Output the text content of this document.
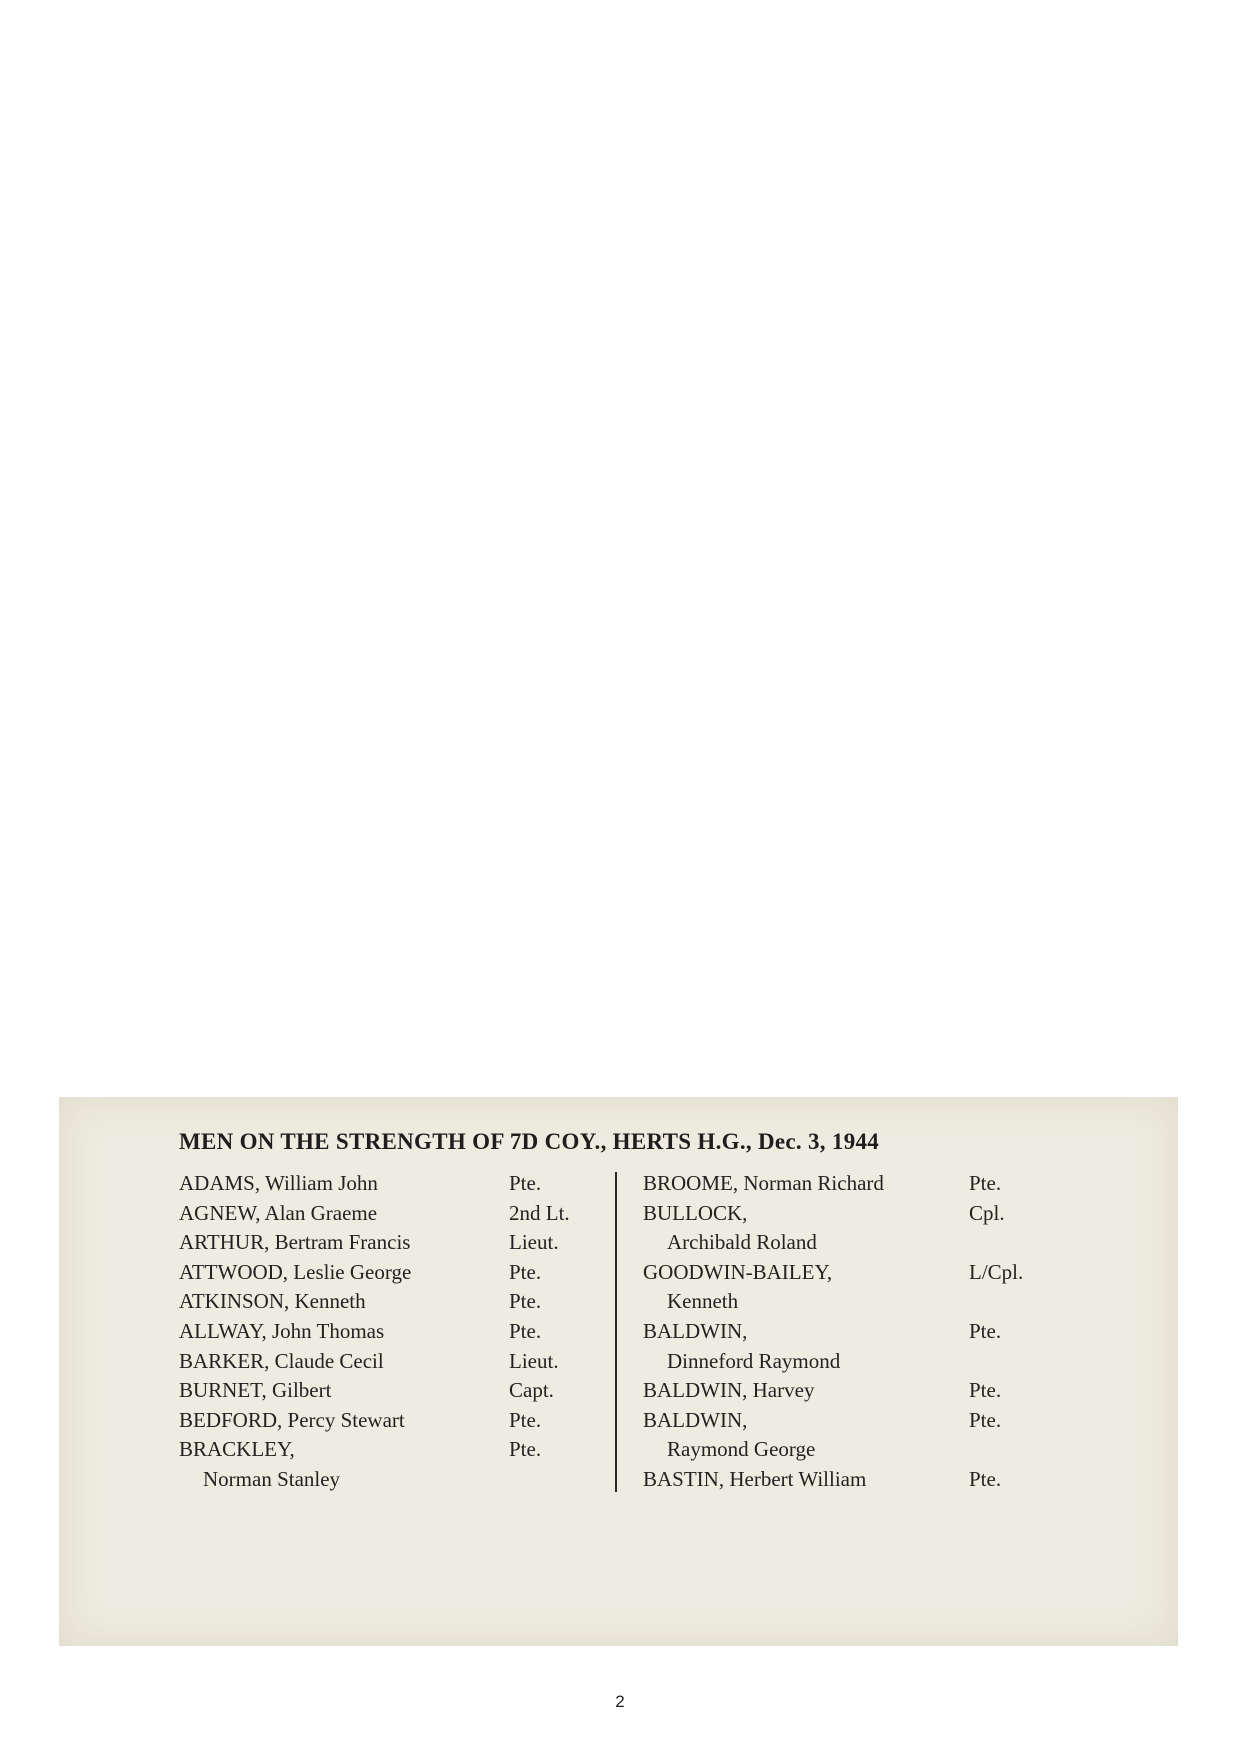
MEN ON THE STRENGTH OF 7D COY., HERTS H.G., Dec. 3, 1944
ADAMS, William John	Pte.
AGNEW, Alan Graeme	2nd Lt.
ARTHUR, Bertram Francis	Lieut.
ATTWOOD, Leslie George	Pte.
ATKINSON, Kenneth	Pte.
ALLWAY, John Thomas	Pte.
BARKER, Claude Cecil	Lieut.
BURNET, Gilbert	Capt.
BEDFORD, Percy Stewart	Pte.
BRACKLEY,	Pte.
Norman Stanley
BROOME, Norman Richard	Pte.
BULLOCK,	Cpl.
Archibald Roland
GOODWIN-BAILEY,	L/Cpl.
Kenneth
BALDWIN,	Pte.
Dinneford Raymond
BALDWIN, Harvey	Pte.
BALDWIN,	Pte.
Raymond George
BASTIN, Herbert William	Pte.
2
